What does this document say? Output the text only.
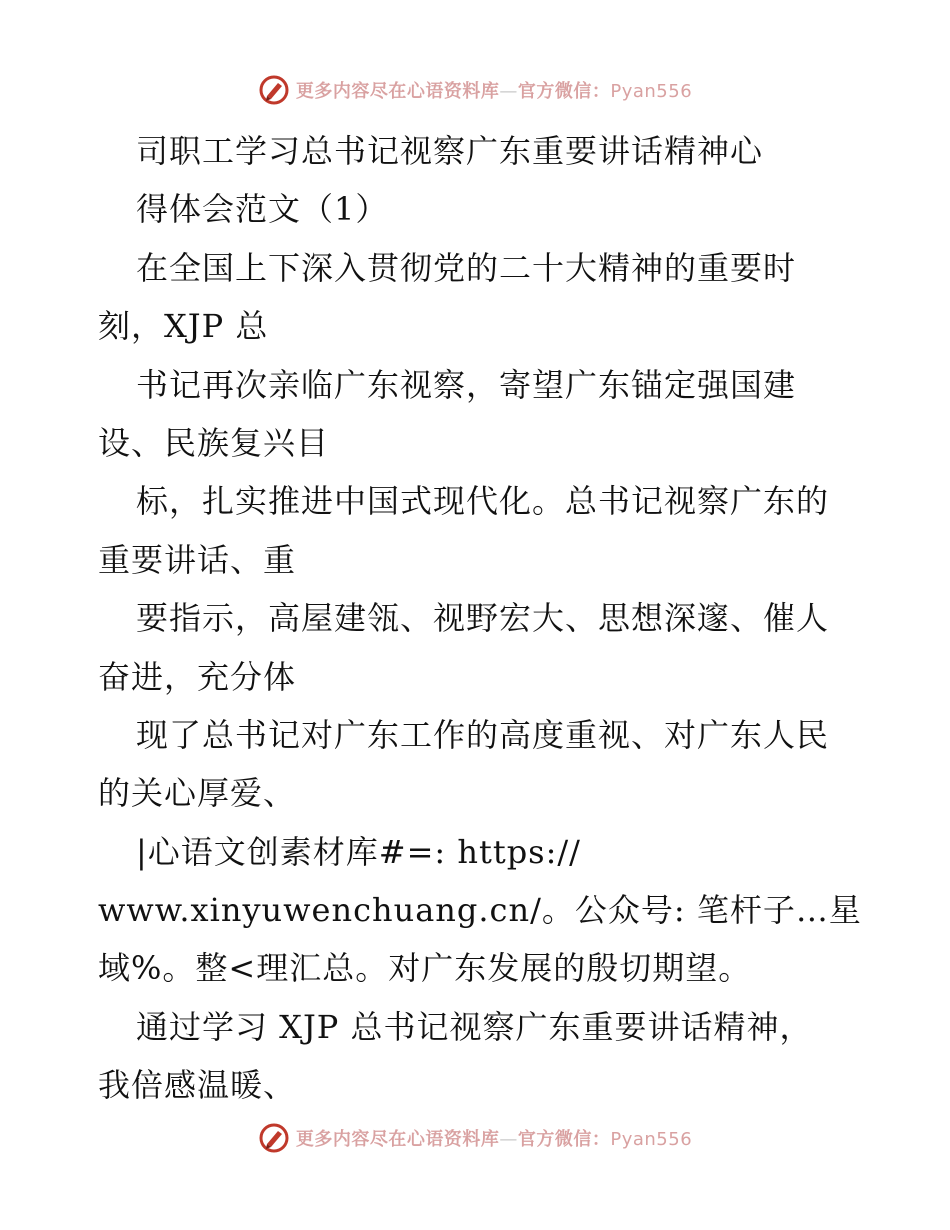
更多内容尽在心语资料库—官方微信：Pyan556
司职工学习总书记视察广东重要讲话精神心
得体会范文（1）
在全国上下深入贯彻党的二十大精神的重要时
刻，XJP 总
书记再次亲临广东视察，寄望广东锚定强国建
设、民族复兴目
标，扎实推进中国式现代化。总书记视察广东的
重要讲话、重
要指示，高屋建瓴、视野宏大、思想深邃、催人
奋进，充分体
现了总书记对广东工作的高度重视、对广东人民
的关心厚爱、
|心语文创素材库#=: https://
www.xinyuwenchuang.cn/。公众号: 笔杆子…星
域%。整<理汇总。对广东发展的殷切期望。
通过学习 XJP 总书记视察广东重要讲话精神，
我倍感温暖、
更多内容尽在心语资料库—官方微信：Pyan556
